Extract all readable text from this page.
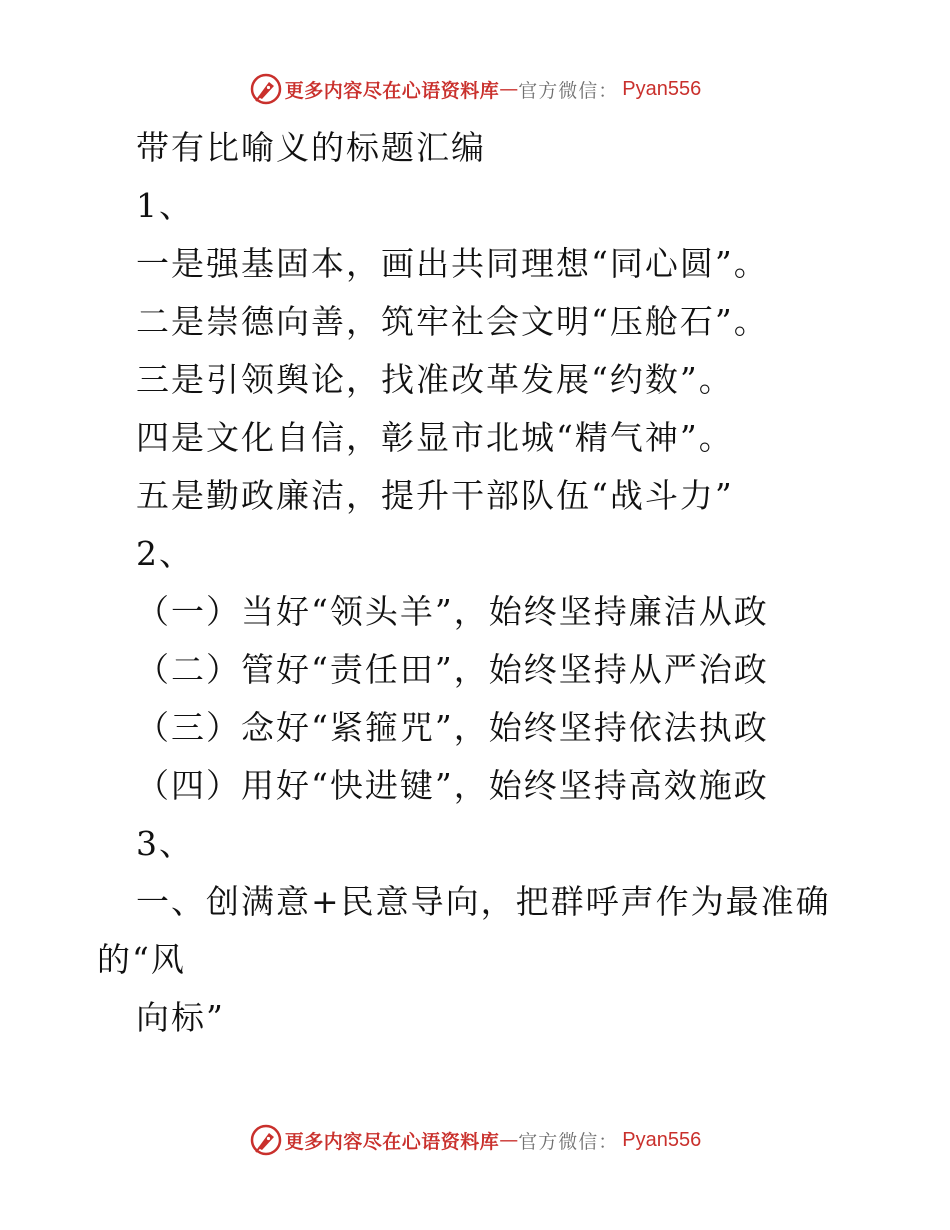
更多内容尽在心语资料库 — 官方微信： Pyan556
带有比喻义的标题汇编
1、
一是强基固本，画出共同理想“同心圆”。
二是崇德向善，筑牢社会文明“压舱石”。
三是引领舆论，找准改革发展“约数”。
四是文化自信，彰显市北城“精气神”。
五是勤政廉洁，提升干部队伍“战斗力”
2、
（一）当好“领头羊”，始终坚持廉洁从政
（二）管好“责任田”，始终坚持从严治政
（三）念好“紧箍咒”，始终坚持依法执政
（四）用好“快进键”，始终坚持高效施政
3、
一、创满意+民意导向，把群呼声作为最准确
的“风
向标”
更多内容尽在心语资料库 — 官方微信： Pyan556
